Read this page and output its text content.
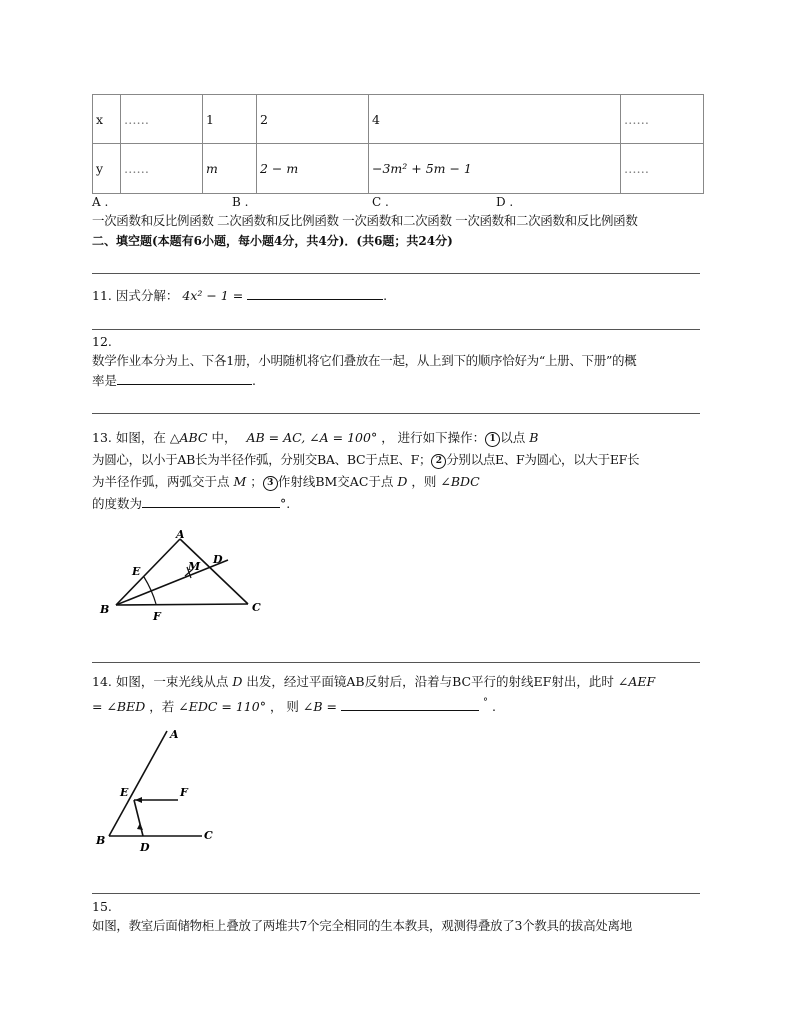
x	……	1	2	4	……
y	……	m	2 − m	−3m² + 5m − 1	……
A .	B .	C .	D .
一次函数和反比例函数 二次函数和反比例函数 一次函数和二次函数 一次函数和二次函数和反比例函数
二、填空题(本题有6小题，每小题4分，共4分)．(共6题；共24分)
11. 因式分解： 4x² − 1 =	.
12.
数学作业本分为上、下各1册，小明随机将它们叠放在一起，从上到下的顺序恰好为“上册、下册”的概
率是	.
13. 如图，在 △ABC 中， AB = AC, ∠A = 100° ， 进行如下操作： 1 以点 B
为圆心，以小于AB长为半径作弧，分别交BA、BC于点E、F； 2 分别以点E、F为圆心，以大于EF长
为半径作弧，两弧交于点 M ； 3 作射线BM交AC于点 D ，则 ∠BDC
的度数为	°.
A
B	C
D
E
F
M
14. 如图，一束光线从点 D 出发，经过平面镜AB反射后，沿着与BC平行的射线EF射出，此时 ∠AEF
= ∠BED ，若 ∠EDC = 110° ， 则 ∠B =	° .
A
B	C
D
E	F
15.
如图，教室后面储物柜上叠放了两堆共7个完全相同的生本教具，观测得叠放了3个教具的拔高处离地
